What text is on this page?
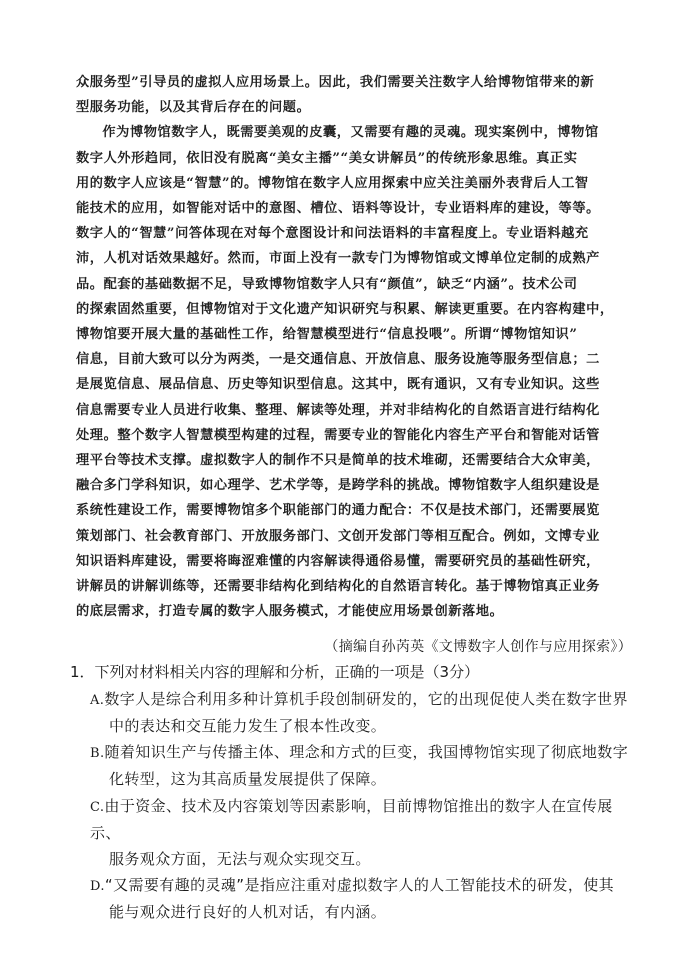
众服务型”引导员的虚拟人应用场景上。因此，我们需要关注数字人给博物馆带来的新
型服务功能，以及其背后存在的问题。

作为博物馆数字人，既需要美观的皮囊，又需要有趣的灵魂。现实案例中，博物馆
数字人外形趋同，依旧没有脱离“美女主播”“美女讲解员”的传统形象思维。真正实
用的数字人应该是“智慧”的。博物馆在数字人应用探索中应关注美丽外表背后人工智
能技术的应用，如智能对话中的意图、槽位、语料等设计，专业语料库的建设，等等。
数字人的“智慧”问答体现在对每个意图设计和问法语料的丰富程度上。专业语料越充
沛，人机对话效果越好。然而，市面上没有一款专门为博物馆或文博单位定制的成熟产
品。配套的基础数据不足，导致博物馆数字人只有“颜值”，缺乏“内涵”。技术公司
的探索固然重要，但博物馆对于文化遗产知识研究与积累、解读更重要。在内容构建中，
博物馆要开展大量的基础性工作，给智慧模型进行“信息投喂”。所谓“博物馆知识”
信息，目前大致可以分为两类，一是交通信息、开放信息、服务设施等服务型信息；二
是展览信息、展品信息、历史等知识型信息。这其中，既有通识，又有专业知识。这些
信息需要专业人员进行收集、整理、解读等处理，并对非结构化的自然语言进行结构化
处理。整个数字人智慧模型构建的过程，需要专业的智能化内容生产平台和智能对话管
理平台等技术支撑。虚拟数字人的制作不只是简单的技术堆砌，还需要结合大众审美，
融合多门学科知识，如心理学、艺术学等，是跨学科的挑战。博物馆数字人组织建设是
系统性建设工作，需要博物馆多个职能部门的通力配合：不仅是技术部门，还需要展览
策划部门、社会教育部门、开放服务部门、文创开发部门等相互配合。例如，文博专业
知识语料库建设，需要将晦涩难懂的内容解读得通俗易懂，需要研究员的基础性研究，
讲解员的讲解训练等，还需要非结构化到结构化的自然语言转化。基于博物馆真正业务
的底层需求，打造专属的数字人服务模式，才能使应用场景创新落地。

（摘编自孙芮英《文博数字人创作与应用探索》）

1．下列对材料相关内容的理解和分析，正确的一项是（3分）

A.数字人是综合利用多种计算机手段创制研发的，它的出现促使人类在数字世界
中的表达和交互能力发生了根本性改变。
B.随着知识生产与传播主体、理念和方式的巨变，我国博物馆实现了彻底地数字
化转型，这为其高质量发展提供了保障。
C.由于资金、技术及内容策划等因素影响，目前博物馆推出的数字人在宣传展示、
服务观众方面，无法与观众实现交互。
D.“又需要有趣的灵魂”是指应注重对虚拟数字人的人工智能技术的研发，使其
能与观众进行良好的人机对话，有内涵。
